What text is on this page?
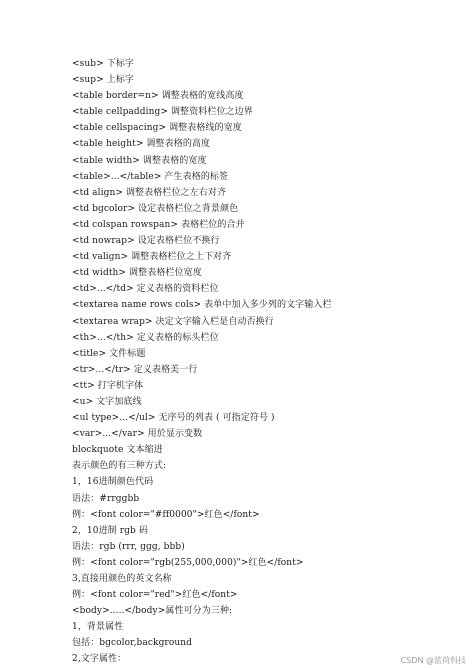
<sub> 下标字
<sup> 上标字
<table border=n> 调整表格的宽线高度
<table cellpadding> 调整资料栏位之边界
<table cellspacing> 调整表格线的宽度
<table height> 调整表格的高度
<table width> 调整表格的宽度
<table>...</table> 产生表格的标签
<td align> 调整表格栏位之左右对齐
<td bgcolor> 设定表格栏位之背景颜色
<td colspan rowspan> 表格栏位的合并
<td nowrap> 设定表格栏位不换行
<td valign> 调整表格栏位之上下对齐
<td width> 调整表格栏位宽度
<td>...</td> 定义表格的资料栏位
<textarea name rows cols> 表单中加入多少列的文字输入栏
<textarea wrap> 决定文字输入栏是自动否换行
<th>...</th> 定义表格的标头栏位
<title> 文件标题
<tr>...</tr> 定义表格美一行
<tt> 打字机字体
<u> 文字加底线
<ul type>...</ul> 无序号的列表 ( 可指定符号 )
<var>...</var> 用於显示变数
blockquote 文本缩进
表示颜色的有三种方式:
1，16进制颜色代码
语法：#rrggbb
例：<font color="#ff0000">红色</font>
2，10进制 rgb 码
语法：rgb (rrr, ggg, bbb)
例：<font color="rgb(255,000,000)">红色</font>
3,直接用颜色的英文名称
例：<font color="red">红色</font>
<body>.....</body>属性可分为三种:
1，背景属性
包括：bgcolor,background
2,文字属性：	CSDN @蓝荷科技
